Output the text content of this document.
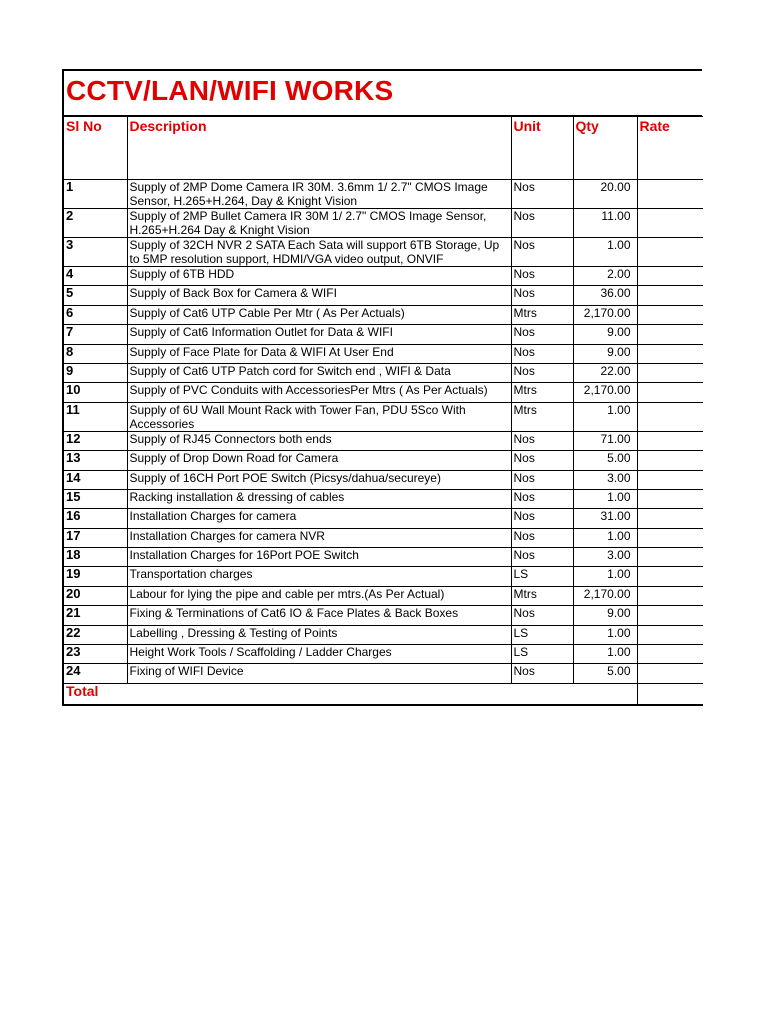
CCTV/LAN/WIFI WORKS
Sl No	Description	Unit	Qty	Rate
1	Supply of 2MP Dome Camera IR 30M. 3.6mm 1/ 2.7" CMOS Image Sensor, H.265+H.264, Day & Knight Vision	Nos	20.00	
2	Supply of 2MP Bullet Camera IR 30M 1/ 2.7" CMOS Image Sensor, H.265+H.264 Day & Knight Vision	Nos	11.00	
3	Supply of 32CH NVR 2 SATA Each Sata will support 6TB Storage, Up to 5MP resolution support, HDMI/VGA video output, ONVIF	Nos	1.00	
4	Supply of 6TB HDD	Nos	2.00	
5	Supply of Back Box for Camera & WIFI	Nos	36.00	
6	Supply of Cat6 UTP Cable Per Mtr ( As Per Actuals)	Mtrs	2,170.00	
7	Supply of Cat6 Information Outlet for Data & WIFI	Nos	9.00	
8	Supply of Face Plate for Data & WIFI At User End	Nos	9.00	
9	Supply of Cat6 UTP Patch cord for Switch end , WIFI & Data	Nos	22.00	
10	Supply of PVC Conduits with AccessoriesPer Mtrs ( As Per Actuals)	Mtrs	2,170.00	
11	Supply of 6U Wall Mount Rack with Tower Fan, PDU 5Sco With Accessories	Mtrs	1.00	
12	Supply of RJ45 Connectors both ends	Nos	71.00	
13	Supply of Drop Down Road for Camera	Nos	5.00	
14	Supply of 16CH Port POE Switch (Picsys/dahua/secureye)	Nos	3.00	
15	Racking installation & dressing of cables	Nos	1.00	
16	Installation Charges for camera	Nos	31.00	
17	Installation Charges for camera NVR	Nos	1.00	
18	Installation Charges for 16Port POE Switch	Nos	3.00	
19	Transportation charges	LS	1.00	
20	Labour for lying the pipe and cable per mtrs.(As Per Actual)	Mtrs	2,170.00	
21	Fixing & Terminations of Cat6 IO & Face Plates & Back Boxes	Nos	9.00	
22	Labelling , Dressing & Testing of Points	LS	1.00	
23	Height Work Tools / Scaffolding / Ladder Charges	LS	1.00	
24	Fixing of WIFI Device	Nos	5.00	
Total				
